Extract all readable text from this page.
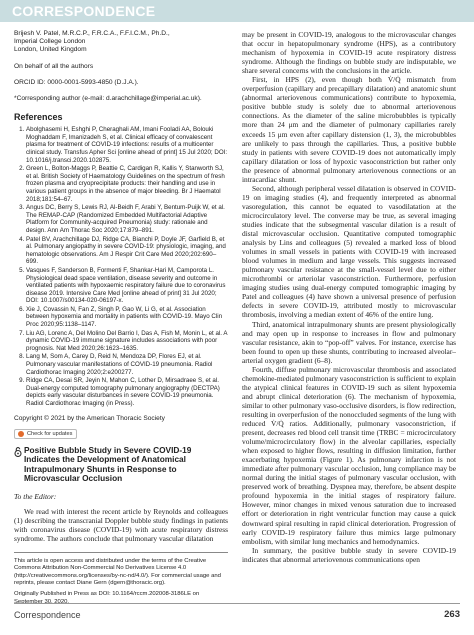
CORRESPONDENCE

Brijesh V. Patel, M.R.C.P., F.R.C.A., F.F.I.C.M., Ph.D.,

Imperial College London

London, United Kingdom

On behalf of all the authors

ORCID ID: 0000-0001-5993-4850 (D.J.A.).

*Corresponding author (e-mail: d.arachchillage@imperial.ac.uk).

References
1. Abolghasemi H, Eshghi P, Cheraghali AM, Imani Fooladi AA, Bolouki Moghaddam F, Imanizadeh S, et al. Clinical efficacy of convalescent plasma for treatment of COVID-19 infections: results of a multicenter clinical study. Transfus Apher Sci [online ahead of print] 15 Jul 2020; DOI: 10.1016/j.transci.2020.102875.
2. Green L, Bolton-Maggs P, Beattie C, Cardigan R, Kallis Y, Stanworth SJ, et al. British Society of Haematology Guidelines on the spectrum of fresh frozen plasma and cryoprecipitate products: their handling and use in various patient groups in the absence of major bleeding. Br J Haematol 2018;181:54–67.
3. Angus DC, Berry S, Lewis RJ, Al-Beidh F, Arabi Y, Bentum-Puijk W, et al. The REMAP-CAP (Randomized Embedded Multifactorial Adaptive Platform for Community-acquired Pneumonia) study: rationale and design. Ann Am Thorac Soc 2020;17:879–891.
4. Patel BV, Arachchillage DJ, Ridge CA, Bianchi P, Doyle JF, Garfield B, et al. Pulmonary angiopathy in severe COVID-19: physiologic, imaging, and hematologic observations. Am J Respir Crit Care Med 2020;202:690–699.
5. Vasques F, Sanderson B, Formenti F, Shankar-Hari M, Camporota L. Physiological dead space ventilation, disease severity and outcome in ventilated patients with hypoxaemic respiratory failure due to coronavirus disease 2019. Intensive Care Med [online ahead of print] 31 Jul 2020; DOI: 10.1007/s00134-020-06197-x.
6. Xie J, Covassin N, Fan Z, Singh P, Gao W, Li G, et al. Association between hypoxemia and mortality in patients with COVID-19. Mayo Clin Proc 2020;95:1138–1147.
7. Liu AG, Lorenc A, Del Molino Del Barrio I, Das A, Fish M, Monin L, et al. A dynamic COVID-19 immune signature includes associations with poor prognosis. Nat Med 2020;26:1623–1635.
8. Lang M, Som A, Carey D, Reid N, Mendoza DP, Flores EJ, et al. Pulmonary vascular manifestations of COVID-19 pneumonia. Radiol Cardiothorac Imaging 2020;2:e200277.
9. Ridge CA, Desai SR, Jeyin N, Mahon C, Lother D, Mirsadraee S, et al. Dual-energy computed tomography pulmonary angiography (DECTPA) depicts early vascular disturbances in severe COVID-19 pneumonia. Radiol Cardiothorac Imaging (in Press).

Copyright © 2021 by the American Thoracic Society

Check for updates
Positive Bubble Study in Severe COVID-19 Indicates the Development of Anatomical Intrapulmonary Shunts in Response to Microvascular Occlusion

To the Editor:

We read with interest the recent article by Reynolds and colleagues (1) describing the transcranial Doppler bubble study findings in patients with coronavirus disease (COVID-19) with acute respiratory distress syndrome. The authors conclude that pulmonary vascular dilatation

This article is open access and distributed under the terms of the Creative Commons Attribution Non-Commercial No Derivatives License 4.0 (http://creativecommons.org/licenses/by-nc-nd/4.0/). For commercial usage and reprints, please contact Diane Gern (dgern@thoracic.org).

Originally Published in Press as DOI: 10.1164/rccm.202008-3186LE on September 30, 2020.

may be present in COVID-19, analogous to the microvascular changes that occur in hepatopulmonary syndrome (HPS), as a contributory mechanism of hypoxemia in COVID-19 acute respiratory distress syndrome. Although the findings on bubble study are indisputable, we share several concerns with the conclusions in the article.

First, in HPS (2), even though both V̇/Q̇ mismatch from overperfusion (capillary and precapillary dilatation) and anatomic shunt (abnormal arteriovenous communications) contribute to hypoxemia, positive bubble study is solely due to abnormal arteriovenous connections. As the diameter of the saline microbubbles is typically more than 24 μm and the diameter of pulmonary capillaries rarely exceeds 15 μm even after capillary distension (1, 3), the microbubbles are unlikely to pass through the capillaries. Thus, a positive bubble study in patients with severe COVID-19 does not automatically imply capillary dilatation or loss of hypoxic vasoconstriction but rather only the presence of abnormal pulmonary arteriovenous connections or an intracardiac shunt.

Second, although peripheral vessel dilatation is observed in COVID-19 on imaging studies (4), and frequently interpreted as abnormal vasoregulation, this cannot be equated to vasodilatation at the microcirculatory level. The converse may be true, as several imaging studies indicate that the subsegmental vascular dilation is a result of distal microvascular occlusion. Quantitative computed tomographic analysis by Lins and colleagues (5) revealed a marked loss of blood volumes in small vessels in patients with COVID-19 with increased blood volumes in medium and large vessels. This suggests increased pulmonary vascular resistance at the small-vessel level due to either microthrombi or arteriolar vasoconstriction. Furthermore, perfusion imaging studies using dual-energy computed tomographic imaging by Patel and colleagues (4) have shown a universal presence of perfusion defects in severe COVID-19, attributed mostly to microvascular thrombosis, involving a median extent of 46% of the entire lung.

Third, anatomical intrapulmonary shunts are present physiologically and may open up in response to increases in flow and pulmonary vascular resistance, akin to “pop-off” valves. For instance, exercise has been found to open up these shunts, contributing to increased alveolar–arterial oxygen gradient (6–8).

Fourth, diffuse pulmonary microvascular thrombosis and associated chemokine-mediated pulmonary vasoconstriction is sufficient to explain the atypical clinical features in COVID-19 such as silent hypoxemia and abrupt clinical deterioration (6). The mechanism of hypoxemia, similar to other pulmonary vaso-occlusive disorders, is flow redirection, resulting in overperfusion of the nonoccluded segments of the lung with reduced V̇/Q̇ ratios. Additionally, pulmonary vasoconstriction, if present, decreases red blood cell transit time (TRBC = microcirculatory volume/microcirculatory flow) in the alveolar capillaries, especially when exposed to higher flows, resulting in diffusion limitation, further exacerbating hypoxemia (Figure 1). As pulmonary infarction is not immediate after pulmonary vascular occlusion, lung compliance may be normal during the initial stages of pulmonary vascular occlusion, with preserved work of breathing. Dyspnea may, therefore, be absent despite profound hypoxemia in the initial stages of respiratory failure. However, minor changes in mixed venous saturation due to increased effort or deterioration in right ventricular function may cause a quick downward spiral resulting in rapid clinical deterioration. Progression of early COVID-19 respiratory failure thus mimics large pulmonary embolism, with similar lung mechanics and hemodynamics.

In summary, the positive bubble study in severe COVID-19 indicates that abnormal arteriovenous communications open

Correspondence	263
